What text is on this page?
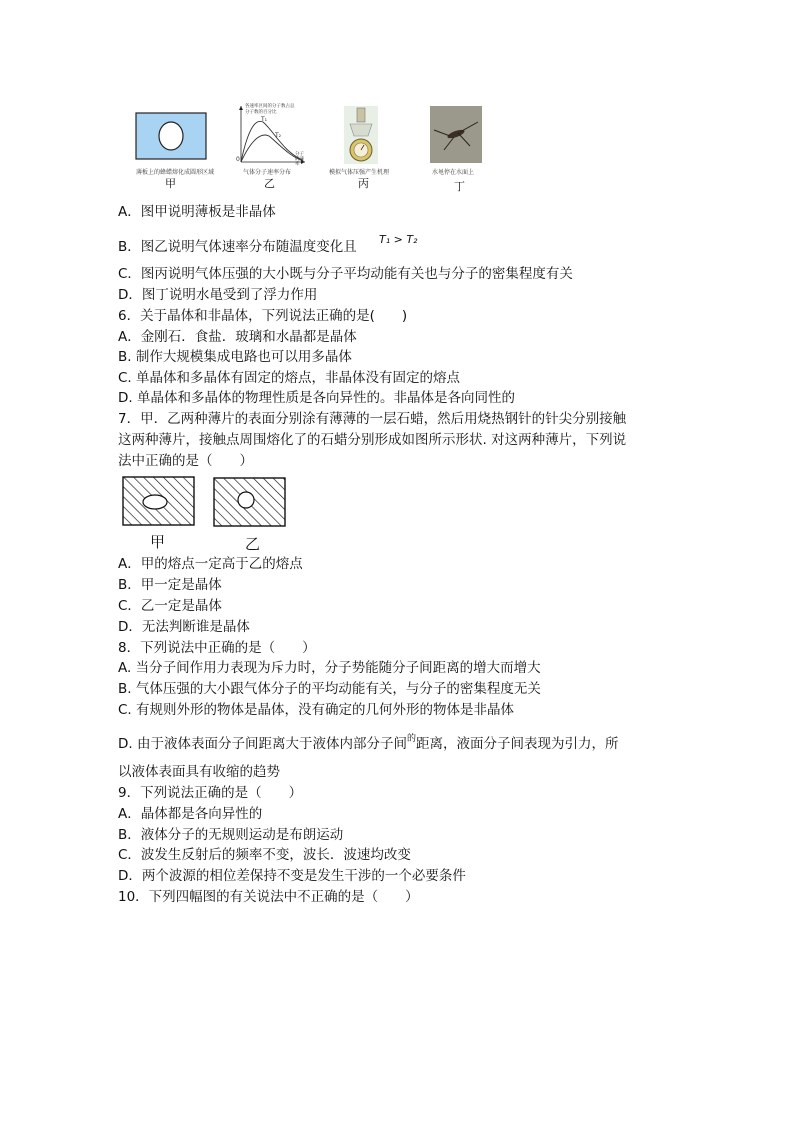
薄板上的蜂蜡熔化成圆形区域
甲
各速率区间的分子数占总分子数的百分比
T₁
T₂
0
分子的速率
气体分子速率分布
乙
模拟气体压强产生机理
丙
水黾停在水面上
丁
A．图甲说明薄板是非晶体
B．图乙说明气体速率分布随温度变化且 T₁ > T₂
C．图丙说明气体压强的大小既与分子平均动能有关也与分子的密集程度有关
D．图丁说明水黾受到了浮力作用
6．关于晶体和非晶体，下列说法正确的是(　　)
A．金刚石．食盐．玻璃和水晶都是晶体
B. 制作大规模集成电路也可以用多晶体
C. 单晶体和多晶体有固定的熔点，非晶体没有固定的熔点
D. 单晶体和多晶体的物理性质是各向异性的。非晶体是各向同性的
7．甲．乙两种薄片的表面分别涂有薄薄的一层石蜡，然后用烧热钢针的针尖分别接触
这两种薄片，接触点周围熔化了的石蜡分别形成如图所示形状. 对这两种薄片，下列说
法中正确的是（　　）
甲	乙
A．甲的熔点一定高于乙的熔点
B．甲一定是晶体
C．乙一定是晶体
D．无法判断谁是晶体
8．下列说法中正确的是（　　）
A. 当分子间作用力表现为斥力时，分子势能随分子间距离的增大而增大
B. 气体压强的大小跟气体分子的平均动能有关，与分子的密集程度无关
C. 有规则外形的物体是晶体，没有确定的几何外形的物体是非晶体
D. 由于液体表面分子间距离大于液体内部分子间$^的$距离，液面分子间表现为引力，所
以液体表面具有收缩的趋势
9．下列说法正确的是（　　）
A．晶体都是各向异性的
B．液体分子的无规则运动是布朗运动
C．波发生反射后的频率不变，波长．波速均改变
D．两个波源的相位差保持不变是发生干涉的一个必要条件
10．下列四幅图的有关说法中不正确的是（　　）
